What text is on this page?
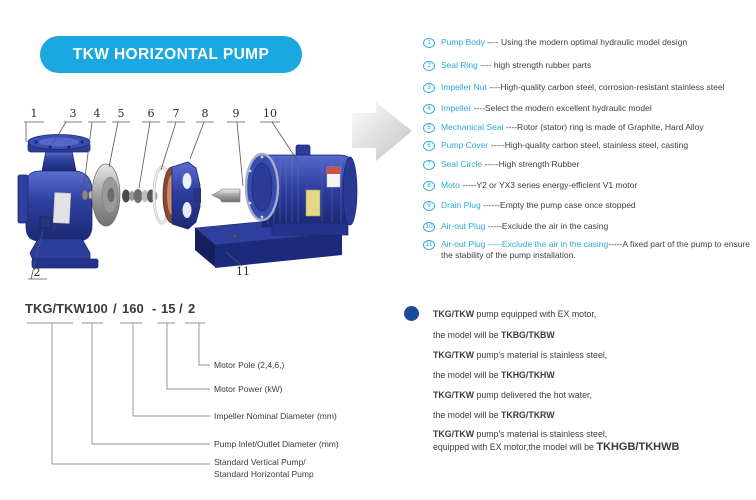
TKW HORIZONTAL PUMP
1	3 4 5 6 7 8 9 10
2	11
1	Pump Body ---- Using the modern optimal hydraulic model design
2	Seal Ring ---- high strength rubber parts
3	Impeller Nut ----High-quality carbon steel, corrosion-resistant stainless steel
4	Impeller ----Select the modern excellent hydraulic model
5	Mechanical Seal ----Rotor (stator) ring is made of Graphite, Hard Alloy
6	Pump Cover -----High-quality carbon steel, stainless steel, casting
7	Seal Circle -----High strength Rubber
8	Moto -----Y2 or YX3 series energy-efficient V1 motor
9	Drain Plug ------Empty the pump case once stopped
10 Air-out Plug -----Exclude the air in the casing
11	Air-out Plug -----Exclude the air in the casing-----A fixed part of the pump to ensure the stability of the pump installation.
TKG/TKW 100 / 160 - 15 / 2
Motor Pole (2,4,6,)
Motor Power (kW)
Impeller Nominal Diameter (mm)
Pump Inlet/Outlet Diameter (mm)
Standard Vertical Pump/
Standard Horizontal Pump
TKG/TKW pump equipped with EX motor,
the model will be TKBG/TKBW
TKG/TKW pump's material is stainless steel,
the model will be TKHG/TKHW
TKG/TKW pump delivered the hot water,
the model will be TKRG/TKRW
TKG/TKW pump's material is stainless steel,
equipped with EX motor,the model will be TKHGB/TKHWB
